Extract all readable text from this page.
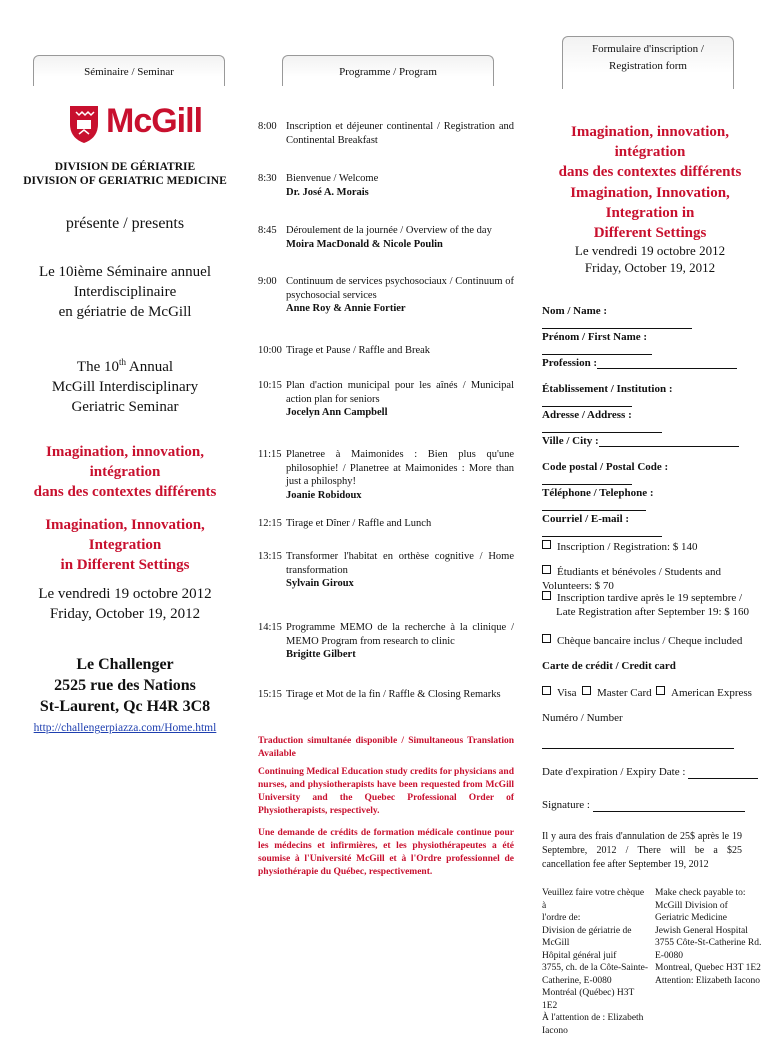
Séminaire / Seminar
McGill
DIVISION DE GÉRIATRIE
DIVISION OF GERIATRIC MEDICINE
présente / presents
Le 10ième Séminaire annuel
Interdisciplinaire
en gériatrie de McGill
The 10th Annual
McGill Interdisciplinary
Geriatric Seminar
Imagination, innovation, intégration
dans des contextes différents
Imagination, Innovation, Integration
in Different Settings
Le vendredi 19 octobre 2012
Friday, October 19, 2012
Le Challenger
2525 rue des Nations
St-Laurent, Qc H4R 3C8
http://challengerpiazza.com/Home.html
Programme / Program
8:00 Inscription et déjeuner continental / Registration and Continental Breakfast
8:30 Bienvenue / Welcome
Dr. José A. Morais
8:45 Déroulement de la journée / Overview of the day
Moira MacDonald & Nicole Poulin
9:00 Continuum de services psychosociaux / Continuum of psychosocial services
Anne Roy & Annie Fortier
10:00 Tirage et Pause / Raffle and Break
10:15 Plan d'action municipal pour les aînés / Municipal action plan for seniors
Jocelyn Ann Campbell
11:15 Planetree à Maimonides : Bien plus qu'une philosophie! / Planetree at Maimonides : More than just a philosphy!
Joanie Robidoux
12:15 Tirage et Dîner / Raffle and Lunch
13:15 Transformer l'habitat en orthèse cognitive / Home transformation
Sylvain Giroux
14:15 Programme MEMO de la recherche à la clinique / MEMO Program from research to clinic
Brigitte Gilbert
15:15 Tirage et Mot de la fin / Raffle & Closing Remarks
Traduction simultanée disponible / Simultaneous Translation Available
Continuing Medical Education study credits for physicians and nurses, and physiotherapists have been requested from McGill University and the Quebec Professional Order of Physiotherapists, respectively.
Une demande de crédits de formation médicale continue pour les médecins et infirmières, et les physiothérapeutes a été soumise à l'Université McGill et à l'Ordre professionnel de physiothérapie du Québec, respectivement.
Formulaire d'inscription /
Registration form
Imagination, innovation, intégration
dans des contextes différents
Imagination, Innovation, Integration in
Different Settings
Le vendredi 19 octobre 2012
Friday, October 19, 2012
Nom / Name :
Prénom / First Name :
Profession :
Établissement / Institution :
Adresse / Address :
Ville / City :
Code postal / Postal Code :
Téléphone / Telephone :
Courriel / E-mail :
Inscription / Registration: $ 140
Étudiants et bénévoles / Students and Volunteers: $ 70
Inscription tardive après le 19 septembre /
Late Registration after September 19: $ 160
Chèque bancaire inclus / Cheque included
Carte de crédit / Credit card
Visa	Master Card	American Express
Numéro / Number
Date d'expiration / Expiry Date :
Signature :
Il y aura des frais d'annulation de 25$ après le 19 Septembre, 2012 / There will be a $25 cancellation fee after September 19, 2012
Veuillez faire votre chèque à
l'ordre de:
Division de gériatrie de McGill
Hôpital général juif
3755, ch. de la Côte-Sainte-
Catherine, E-0080
Montréal (Québec) H3T 1E2
À l'attention de : Elizabeth Iacono
Make check payable to:
McGill Division of
Geriatric Medicine
Jewish General Hospital
3755 Côte-St-Catherine Rd.
E-0080
Montreal, Quebec H3T 1E2
Attention: Elizabeth Iacono
